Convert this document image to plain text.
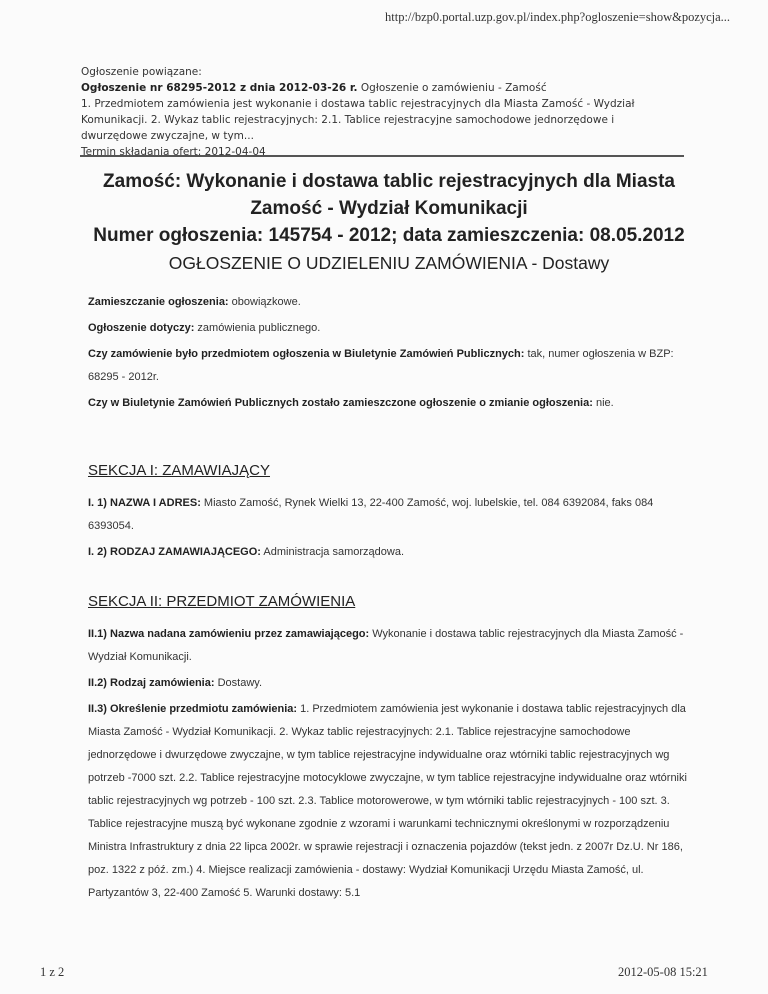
http://bzp0.portal.uzp.gov.pl/index.php?ogloszenie=show&pozycja...
Ogłoszenie powiązane:
Ogłoszenie nr 68295-2012 z dnia 2012-03-26 r. Ogłoszenie o zamówieniu - Zamość
1. Przedmiotem zamówienia jest wykonanie i dostawa tablic rejestracyjnych dla Miasta Zamość - Wydział
Komunikacji. 2. Wykaz tablic rejestracyjnych: 2.1. Tablice rejestracyjne samochodowe jednorzędowe i
dwurzędowe zwyczajne, w tym...
Termin składania ofert: 2012-04-04
Zamość: Wykonanie i dostawa tablic rejestracyjnych dla Miasta
Zamość - Wydział Komunikacji
Numer ogłoszenia: 145754 - 2012; data zamieszczenia: 08.05.2012
OGŁOSZENIE O UDZIELENIU ZAMÓWIENIA - Dostawy

Zamieszczanie ogłoszenia: obowiązkowe.

Ogłoszenie dotyczy: zamówienia publicznego.

Czy zamówienie było przedmiotem ogłoszenia w Biuletynie Zamówień Publicznych: tak, numer ogłoszenia w BZP: 68295 - 2012r.

Czy w Biuletynie Zamówień Publicznych zostało zamieszczone ogłoszenie o zmianie ogłoszenia: nie.

SEKCJA I: ZAMAWIAJĄCY

I. 1) NAZWA I ADRES: Miasto Zamość, Rynek Wielki 13, 22-400 Zamość, woj. lubelskie, tel. 084 6392084, faks 084 6393054.

I. 2) RODZAJ ZAMAWIAJĄCEGO: Administracja samorządowa.

SEKCJA II: PRZEDMIOT ZAMÓWIENIA

II.1) Nazwa nadana zamówieniu przez zamawiającego: Wykonanie i dostawa tablic rejestracyjnych dla Miasta Zamość - Wydział Komunikacji.

II.2) Rodzaj zamówienia: Dostawy.

II.3) Określenie przedmiotu zamówienia: 1. Przedmiotem zamówienia jest wykonanie i dostawa tablic rejestracyjnych dla Miasta Zamość - Wydział Komunikacji. 2. Wykaz tablic rejestracyjnych: 2.1. Tablice rejestracyjne samochodowe jednorzędowe i dwurzędowe zwyczajne, w tym tablice rejestracyjne indywidualne oraz wtórniki tablic rejestracyjnych wg potrzeb -7000 szt. 2.2. Tablice rejestracyjne motocyklowe zwyczajne, w tym tablice rejestracyjne indywidualne oraz wtórniki tablic rejestracyjnych wg potrzeb - 100 szt. 2.3. Tablice motorowerowe, w tym wtórniki tablic rejestracyjnych - 100 szt. 3. Tablice rejestracyjne muszą być wykonane zgodnie z wzorami i warunkami technicznymi określonymi w rozporządzeniu Ministra Infrastruktury z dnia 22 lipca 2002r. w sprawie rejestracji i oznaczenia pojazdów (tekst jedn. z 2007r Dz.U. Nr 186, poz. 1322 z póź. zm.) 4. Miejsce realizacji zamówienia - dostawy: Wydział Komunikacji Urzędu Miasta Zamość, ul. Partyzantów 3, 22-400 Zamość 5. Warunki dostawy: 5.1

1 z 2	2012-05-08 15:21
